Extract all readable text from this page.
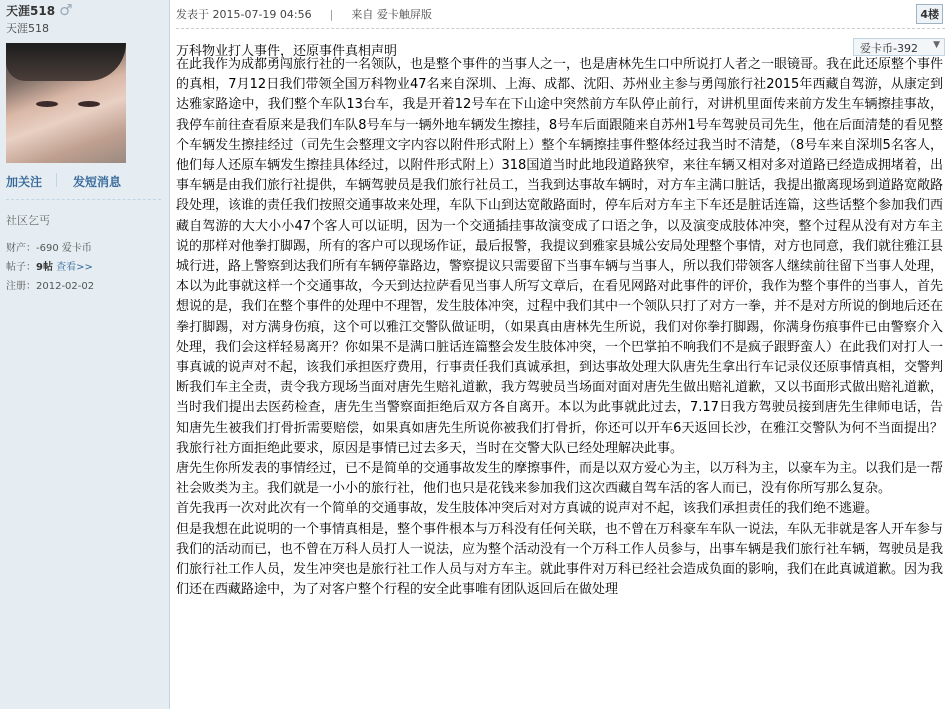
天涯518 ♂
天涯518
加关注	发短消息
社区乞丐
财产：-690 爱卡币
帖子：9帖 查看>>
注册：2012-02-02
发表于 2015-07-19 04:56 | 来自 爱卡触屏版	4楼
万科物业打人事件，还原事件真相声明	爱卡币-392 ▼

在此我作为成都勇闯旅行社的一名领队，也是整个事件的当事人之一，也是唐林先生口中所说打人者之一眼镜哥。我在此还原整个事件的真相，7月12日我们带领全国万科物业47名来自深圳、上海、成都、沈阳、苏州业主参与勇闯旅行社2015年西藏自驾游，从康定到达雅家路途中，我们整个车队13台车，我是开着12号车在下山途中突然前方车队停止前行，对讲机里面传来前方发生车辆擦挂事故，我停车前往查看原来是我们车队8号车与一辆外地车辆发生擦挂，8号车后面跟随来自苏州1号车驾驶员司先生，他在后面清楚的看见整个车辆发生擦挂经过（司先生会整理文字内容以附件形式附上）整个车辆擦挂事件整体经过我当时不清楚，（8号车来自深圳5名客人，他们每人还原车辆发生擦挂具体经过，以附件形式附上）318国道当时此地段道路狭窄，来往车辆又相对多对道路已经造成拥堵着，出事车辆是由我们旅行社提供，车辆驾驶员是我们旅行社员工，当我到达事故车辆时，对方车主满口脏话，我提出撤离现场到道路宽敞路段处理，该谁的责任我们按照交通事故来处理，车队下山到达宽敞路面时，停车后对方车主下车还是脏话连篇，这些话整个参加我们西藏自驾游的大大小小47个客人可以证明，因为一个交通插挂事故演变成了口语之争，以及演变成肢体冲突，整个过程从没有对方车主说的那样对他拳打脚踢，所有的客户可以现场作证，最后报警，我提议到雅家县城公安局处理整个事情，对方也同意，我们就往雅江县城行进，路上警察到达我们所有车辆停靠路边，警察提议只需要留下当事车辆与当事人，所以我们带领客人继续前往留下当事人处理，本以为此事就这样一个交通事故，今天到达拉萨看见当事人所写文章后，在看见网路对此事件的评价，我作为整个事件的当事人，首先想说的是，我们在整个事件的处理中不理智，发生肢体冲突，过程中我们其中一个领队只打了对方一拳，并不是对方所说的倒地后还在拳打脚踢，对方满身伤痕，这个可以雅江交警队做证明，（如果真由唐林先生所说，我们对你拳打脚踢，你满身伤痕事件已由警察介入处理，我们会这样轻易离开？你如果不是满口脏话连篇整会发生肢体冲突，一个巴掌拍不响我们不是疯子跟野蛮人）在此我们对打人一事真诚的说声对不起，该我们承担医疗费用，行事责任我们真诚承担，到达事故处理大队唐先生拿出行车记录仪还原事情真相，交警判断我们车主全责，责令我方现场当面对唐先生赔礼道歉，我方驾驶员当场面对面对唐先生做出赔礼道歉，又以书面形式做出赔礼道歉，当时我们提出去医药检查，唐先生当警察面拒绝后双方各自离开。本以为此事就此过去，7.17日我方驾驶员接到唐先生律师电话，告知唐先生被我们打骨折需要赔偿，如果真如唐先生所说你被我们打骨折，你还可以开车6天返回长沙，在雅江交警队为何不当面提出？我旅行社方面拒绝此要求，原因是事情已过去多天，当时在交警大队已经处理解决此事。

唐先生你所发表的事情经过，已不是简单的交通事故发生的摩擦事件，而是以双方爱心为主，以万科为主，以豪车为主。以我们是一帮社会败类为主。我们就是一小小的旅行社，他们也只是花钱来参加我们这次西藏自驾车活的客人而已，没有你所写那么复杂。

首先我再一次对此次有一个简单的交通事故，发生肢体冲突后对对方真诚的说声对不起，该我们承担责任的我们绝不逃避。

但是我想在此说明的一个事情真相是，整个事件根本与万科没有任何关联，也不曾在万科豪车车队一说法，车队无非就是客人开车参与我们的活动而已，也不曾在万科人员打人一说法，应为整个活动没有一个万科工作人员参与，出事车辆是我们旅行社车辆，驾驶员是我们旅行社工作人员，发生冲突也是旅行社工作人员与对方车主。就此事件对万科已经社会造成负面的影响，我们在此真诚道歉。因为我们还在西藏路途中，为了对客户整个行程的安全此事唯有团队返回后在做处理
